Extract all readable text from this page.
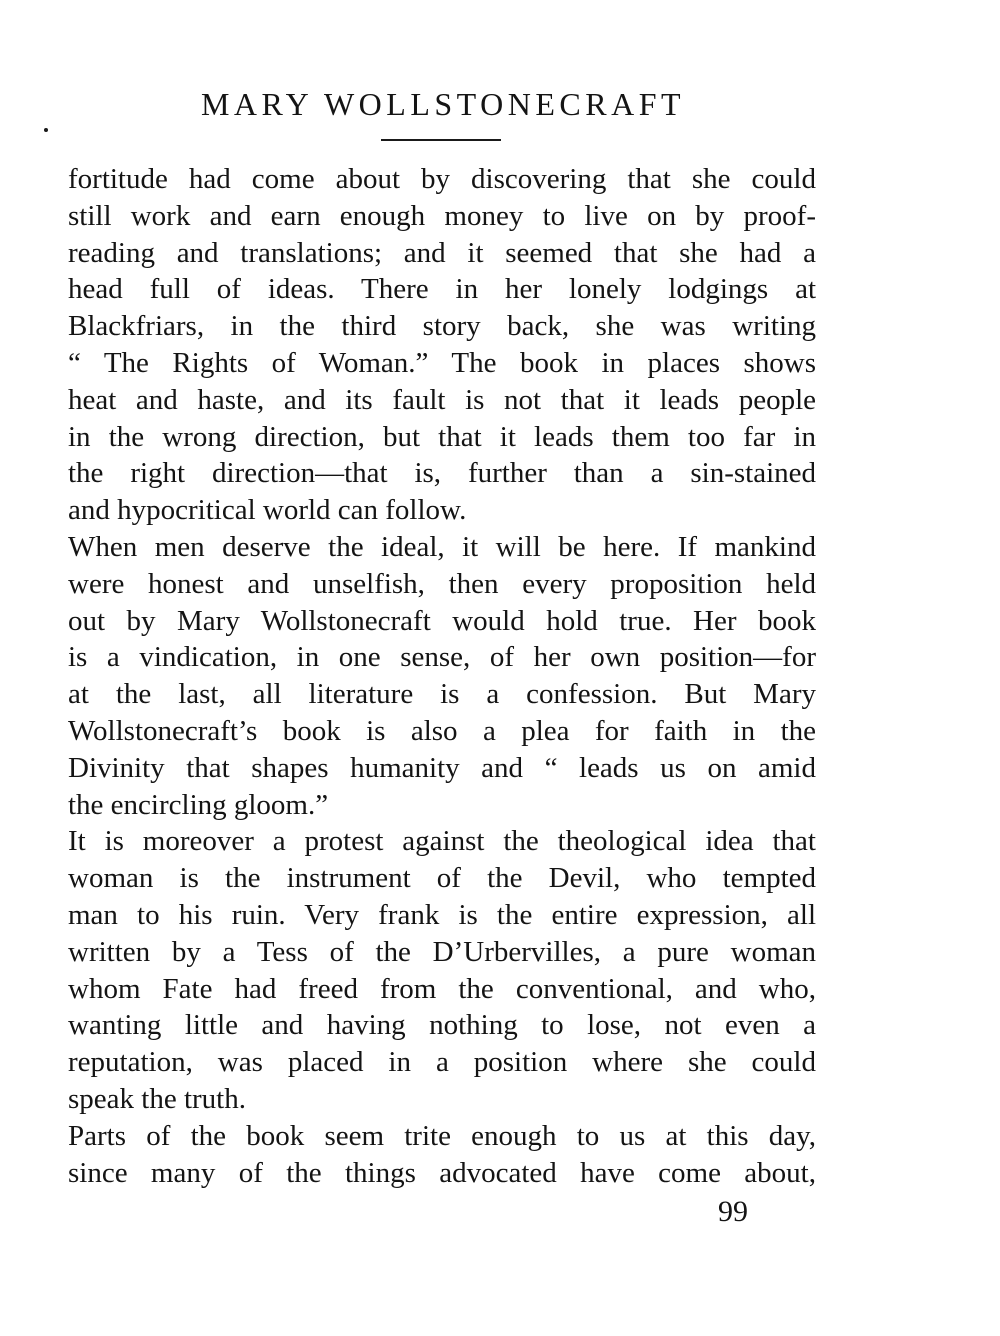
MARY WOLLSTONECRAFT
fortitude had come about by discovering that she could
still work and earn enough money to live on by proof-
reading and translations; and it seemed that she had a
head full of ideas. There in her lonely lodgings at
Blackfriars, in the third story back, she was writing
“ The Rights of Woman.” The book in places shows
heat and haste, and its fault is not that it leads people
in the wrong direction, but that it leads them too far in
the right direction—that is, further than a sin-stained
and hypocritical world can follow.
When men deserve the ideal, it will be here. If mankind
were honest and unselfish, then every proposition held
out by Mary Wollstonecraft would hold true. Her book
is a vindication, in one sense, of her own position—for
at the last, all literature is a confession. But Mary
Wollstonecraft’s book is also a plea for faith in the
Divinity that shapes humanity and “ leads us on amid
the encircling gloom.”
It is moreover a protest against the theological idea that
woman is the instrument of the Devil, who tempted
man to his ruin. Very frank is the entire expression, all
written by a Tess of the D’Urbervilles, a pure woman
whom Fate had freed from the conventional, and who,
wanting little and having nothing to lose, not even a
reputation, was placed in a position where she could
speak the truth.
Parts of the book seem trite enough to us at this day,
since many of the things advocated have come about,
99
